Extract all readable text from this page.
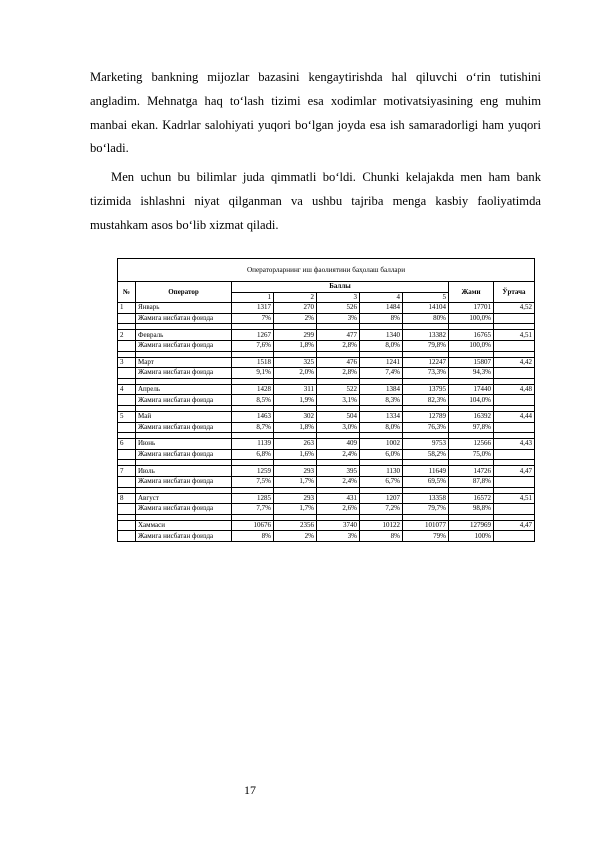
Marketing bankning mijozlar bazasini kengaytirishda hal qiluvchi o‘rin tutishini angladim. Mehnatga haq to‘lash tizimi esa xodimlar motivatsiyasining eng muhim manbai ekan. Kadrlar salohiyati yuqori bo‘lgan joyda esa ish samaradorligi ham yuqori bo‘ladi.

Men uchun bu bilimlar juda qimmatli bo‘ldi. Chunki kelajakda men ham bank tizimida ishlashni niyat qilganman va ushbu tajriba menga kasbiy faoliyatimda mustahkam asos bo‘lib xizmat qiladi.

Операторларнинг иш фаолиятини баҳолаш баллари								
№	Оператор	Баллы					Жами	Ўртача
		1	2	3	4	5		
1	Январь	1317	270	526	1484	14104	17701	4,52
	Жамига нисбатан фоизда	7%	2%	3%	8%	80%	100,0%	

2	Февраль	1267	299	477	1340	13382	16765	4,51
	Жамига нисбатан фоизда	7,6%	1,8%	2,8%	8,0%	79,8%	100,0%	

3	Март	1518	325	476	1241	12247	15807	4,42
	Жамига нисбатан фоизда	9,1%	2,0%	2,8%	7,4%	73,3%	94,3%	

4	Апрель	1428	311	522	1384	13795	17440	4,48
	Жамига нисбатан фоизда	8,5%	1,9%	3,1%	8,3%	82,3%	104,0%	

5	Май	1463	302	504	1334	12789	16392	4,44
	Жамига нисбатан фоизда	8,7%	1,8%	3,0%	8,0%	76,3%	97,8%	

6	Июнь	1139	263	409	1002	9753	12566	4,43
	Жамига нисбатан фоизда	6,8%	1,6%	2,4%	6,0%	58,2%	75,0%	

7	Июль	1259	293	395	1130	11649	14726	4,47
	Жамига нисбатан фоизда	7,5%	1,7%	2,4%	6,7%	69,5%	87,8%	

8	Август	1285	293	431	1207	13358	16572	4,51
	Жамига нисбатан фоизда	7,7%	1,7%	2,6%	7,2%	79,7%	98,8%	

	Хаммаси	10676	2356	3740	10122	101077	127969	4,47
	Жамига нисбатан фоизда	8%	2%	3%	8%	79%	100%	
17
